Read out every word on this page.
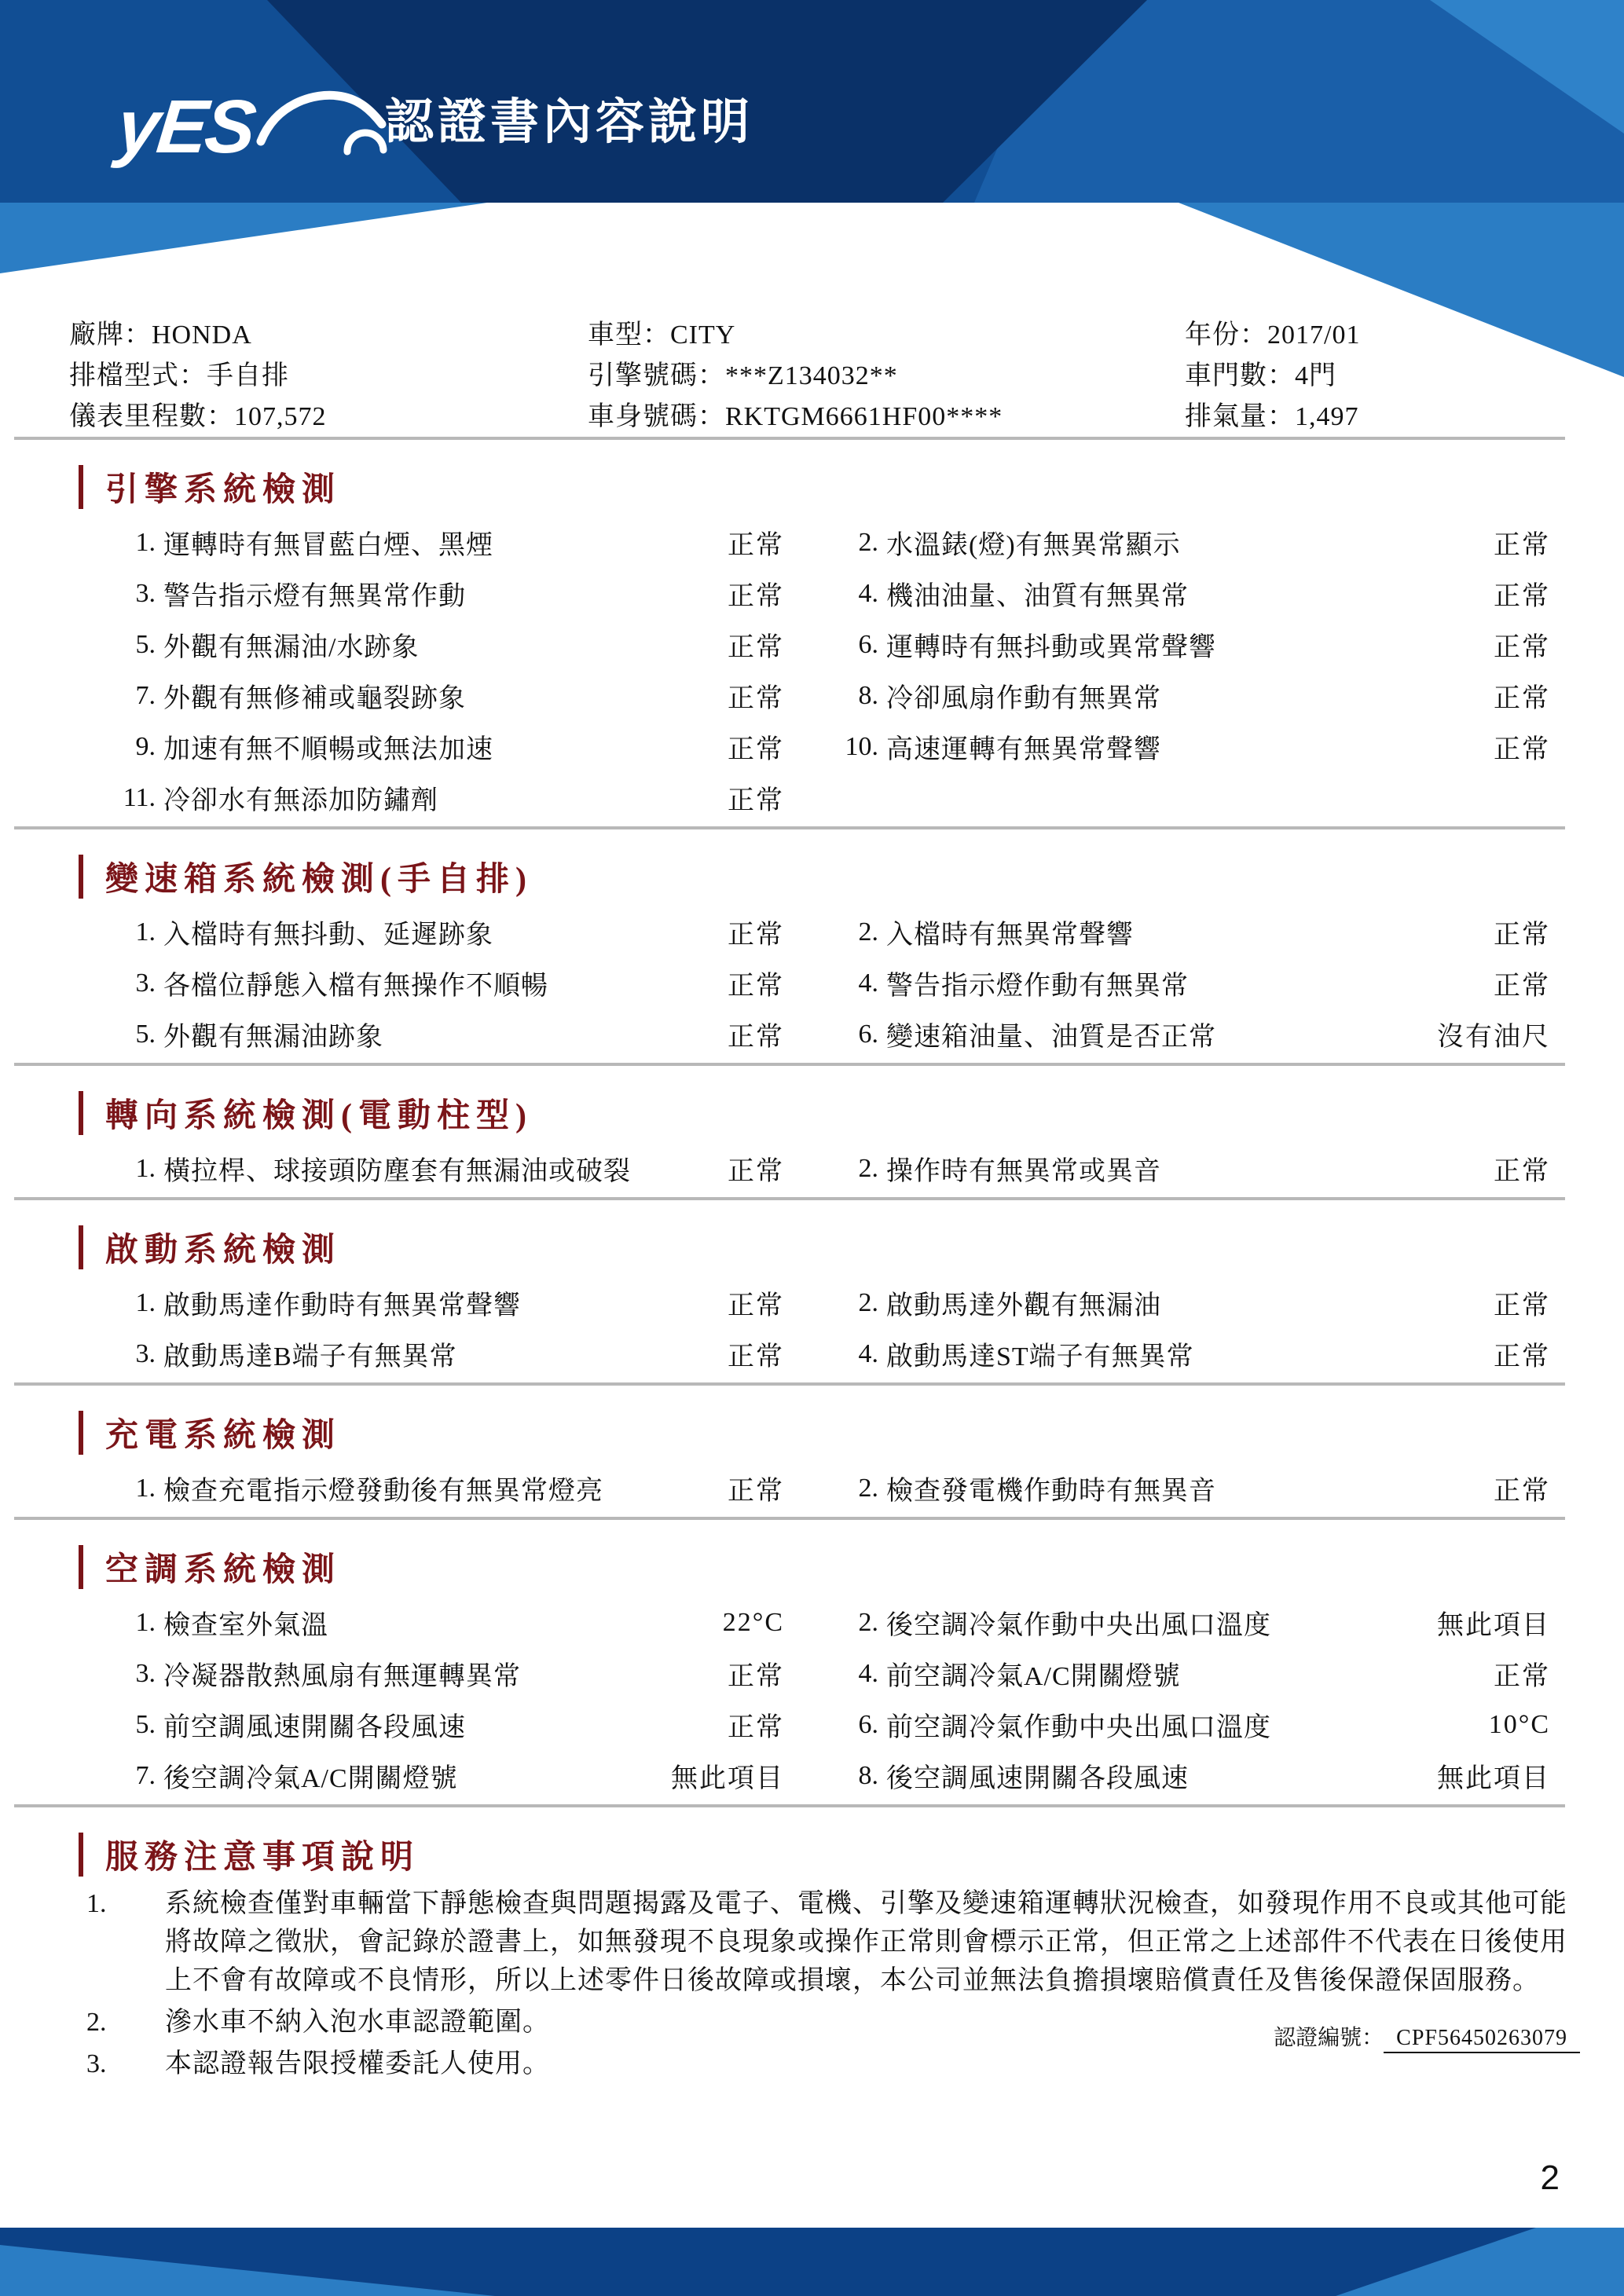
yES	認證書內容說明
廠牌：HONDA	車型：CITY	年份：2017/01
排檔型式：手自排	引擎號碼：***Z134032**	車門數：4門
儀表里程數：107,572	車身號碼：RKTGM6661HF00****	排氣量：1,497
引擎系統檢測
1. 運轉時有無冒藍白煙、黑煙	正常	2. 水溫錶(燈)有無異常顯示	正常
3. 警告指示燈有無異常作動	正常	4. 機油油量、油質有無異常	正常
5. 外觀有無漏油/水跡象	正常	6. 運轉時有無抖動或異常聲響	正常
7. 外觀有無修補或龜裂跡象	正常	8. 冷卻風扇作動有無異常	正常
9. 加速有無不順暢或無法加速	正常	10. 高速運轉有無異常聲響	正常
11. 冷卻水有無添加防鏽劑	正常
變速箱系統檢測(手自排)
1. 入檔時有無抖動、延遲跡象	正常	2. 入檔時有無異常聲響	正常
3. 各檔位靜態入檔有無操作不順暢	正常	4. 警告指示燈作動有無異常	正常
5. 外觀有無漏油跡象	正常	6. 變速箱油量、油質是否正常	沒有油尺
轉向系統檢測(電動柱型)
1. 橫拉桿、球接頭防塵套有無漏油或破裂	正常	2. 操作時有無異常或異音	正常
啟動系統檢測
1. 啟動馬達作動時有無異常聲響	正常	2. 啟動馬達外觀有無漏油	正常
3. 啟動馬達B端子有無異常	正常	4. 啟動馬達ST端子有無異常	正常
充電系統檢測
1. 檢查充電指示燈發動後有無異常燈亮	正常	2. 檢查發電機作動時有無異音	正常
空調系統檢測
1. 檢查室外氣溫	22°C	2. 後空調冷氣作動中央出風口溫度	無此項目
3. 冷凝器散熱風扇有無運轉異常	正常	4. 前空調冷氣A/C開關燈號	正常
5. 前空調風速開關各段風速	正常	6. 前空調冷氣作動中央出風口溫度	10°C
7. 後空調冷氣A/C開關燈號	無此項目	8. 後空調風速開關各段風速	無此項目
服務注意事項說明
1.	系統檢查僅對車輛當下靜態檢查與問題揭露及電子、電機、引擎及變速箱運轉狀況檢查，如發現作用不良或其他可能將故障之徵狀，會記錄於證書上，如無發現不良現象或操作正常則會標示正常，但正常之上述部件不代表在日後使用上不會有故障或不良情形，所以上述零件日後故障或損壞，本公司並無法負擔損壞賠償責任及售後保證保固服務。
2.	滲水車不納入泡水車認證範圍。
3.	本認證報告限授權委託人使用。
認證編號： CPF56450263079
2
